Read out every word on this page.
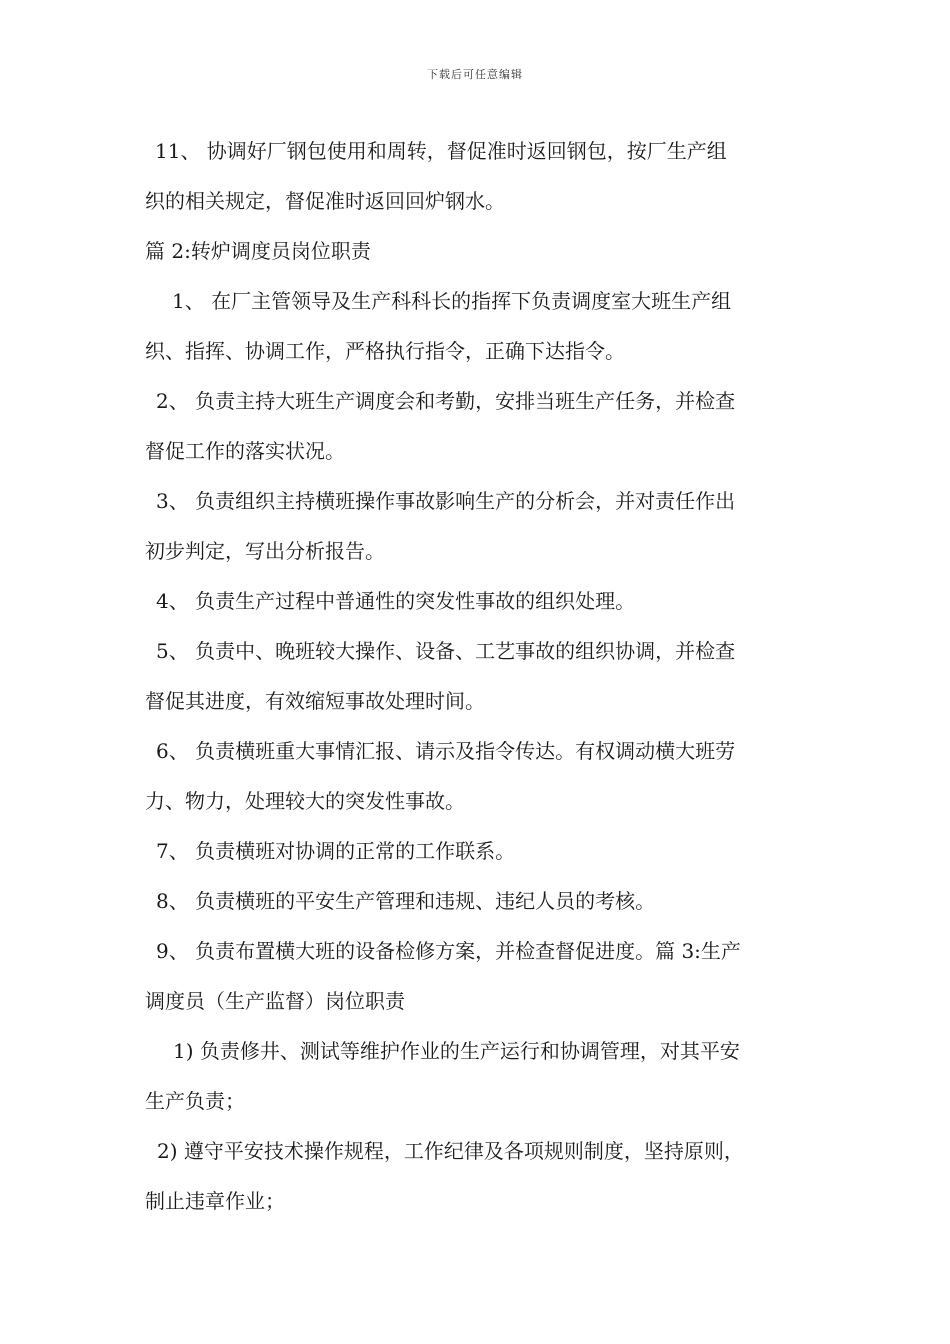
下载后可任意编辑
11、 协调好厂钢包使用和周转，督促准时返回钢包，按厂生产组
织的相关规定，督促准时返回回炉钢水。
篇 2:转炉调度员岗位职责
1、 在厂主管领导及生产科科长的指挥下负责调度室大班生产组
织、指挥、协调工作，严格执行指令，正确下达指令。
2、 负责主持大班生产调度会和考勤，安排当班生产任务，并检查
督促工作的落实状况。
3、 负责组织主持横班操作事故影响生产的分析会，并对责任作出
初步判定，写出分析报告。
4、 负责生产过程中普通性的突发性事故的组织处理。
5、 负责中、晚班较大操作、设备、工艺事故的组织协调，并检查
督促其进度，有效缩短事故处理时间。
6、 负责横班重大事情汇报、请示及指令传达。有权调动横大班劳
力、物力，处理较大的突发性事故。
7、 负责横班对协调的正常的工作联系。
8、 负责横班的平安生产管理和违规、违纪人员的考核。
9、 负责布置横大班的设备检修方案，并检查督促进度。篇 3:生产
调度员（生产监督）岗位职责
1) 负责修井、测试等维护作业的生产运行和协调管理，对其平安
生产负责；
2) 遵守平安技术操作规程，工作纪律及各项规则制度，坚持原则，
制止违章作业；
